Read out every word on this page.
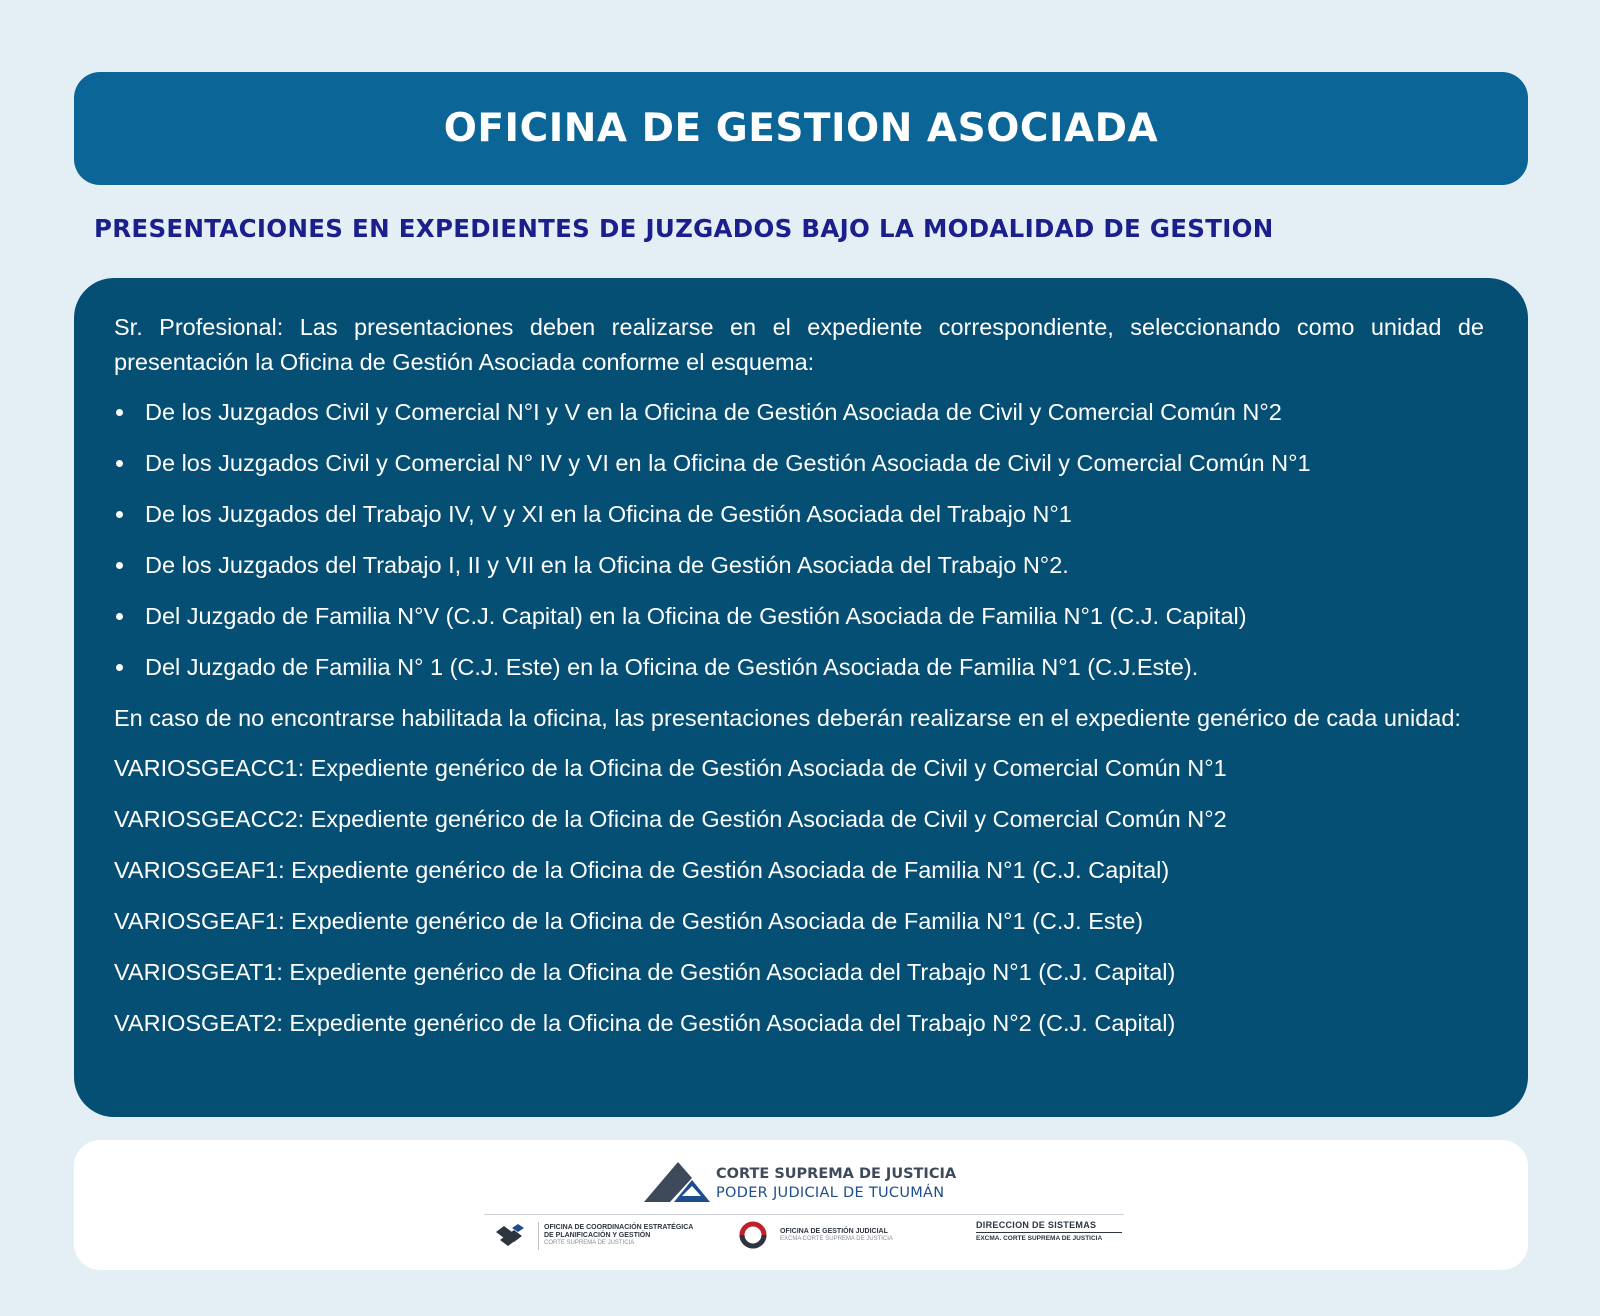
OFICINA DE GESTION ASOCIADA
PRESENTACIONES EN EXPEDIENTES DE JUZGADOS BAJO LA MODALIDAD DE GESTION

Sr. Profesional: Las presentaciones deben realizarse en el expediente correspondiente, seleccionando como unidad de presentación la Oficina de Gestión Asociada conforme el esquema:

De los Juzgados Civil y Comercial N°I y V en la Oficina de Gestión Asociada de Civil y Comercial Común N°2
De los Juzgados Civil y Comercial N° IV y VI en la Oficina de Gestión Asociada de Civil y Comercial Común N°1
De los Juzgados del Trabajo IV, V y XI en la Oficina de Gestión Asociada del Trabajo N°1
De los Juzgados del Trabajo I, II y VII en la Oficina de Gestión Asociada del Trabajo N°2.
Del Juzgado de Familia N°V (C.J. Capital) en la Oficina de Gestión Asociada de Familia N°1 (C.J. Capital)
Del Juzgado de Familia N° 1 (C.J. Este) en la Oficina de Gestión Asociada de Familia N°1 (C.J.Este).

En caso de no encontrarse habilitada la oficina, las presentaciones deberán realizarse en el expediente genérico de cada unidad:

VARIOSGEACC1: Expediente genérico de la Oficina de Gestión Asociada de Civil y Comercial Común N°1
VARIOSGEACC2: Expediente genérico de la Oficina de Gestión Asociada de Civil y Comercial Común N°2
VARIOSGEAF1: Expediente genérico de la Oficina de Gestión Asociada de Familia N°1 (C.J. Capital)
VARIOSGEAF1: Expediente genérico de la Oficina de Gestión Asociada de Familia N°1 (C.J. Este)
VARIOSGEAT1: Expediente genérico de la Oficina de Gestión Asociada del Trabajo N°1 (C.J. Capital)
VARIOSGEAT2: Expediente genérico de la Oficina de Gestión Asociada del Trabajo N°2 (C.J. Capital)
CORTE SUPREMA DE JUSTICIA
PODER JUDICIAL DE TUCUMÁN
OFICINA DE COORDINACIÓN ESTRATÉGICA
DE PLANIFICACIÓN Y GESTIÓN
CORTE SUPREMA DE JUSTICIA
OFICINA DE GESTIÓN JUDICIAL
EXCMA CORTE SUPREMA DE JUSTICIA
DIRECCION DE SISTEMAS
EXCMA. CORTE SUPREMA DE JUSTICIA
